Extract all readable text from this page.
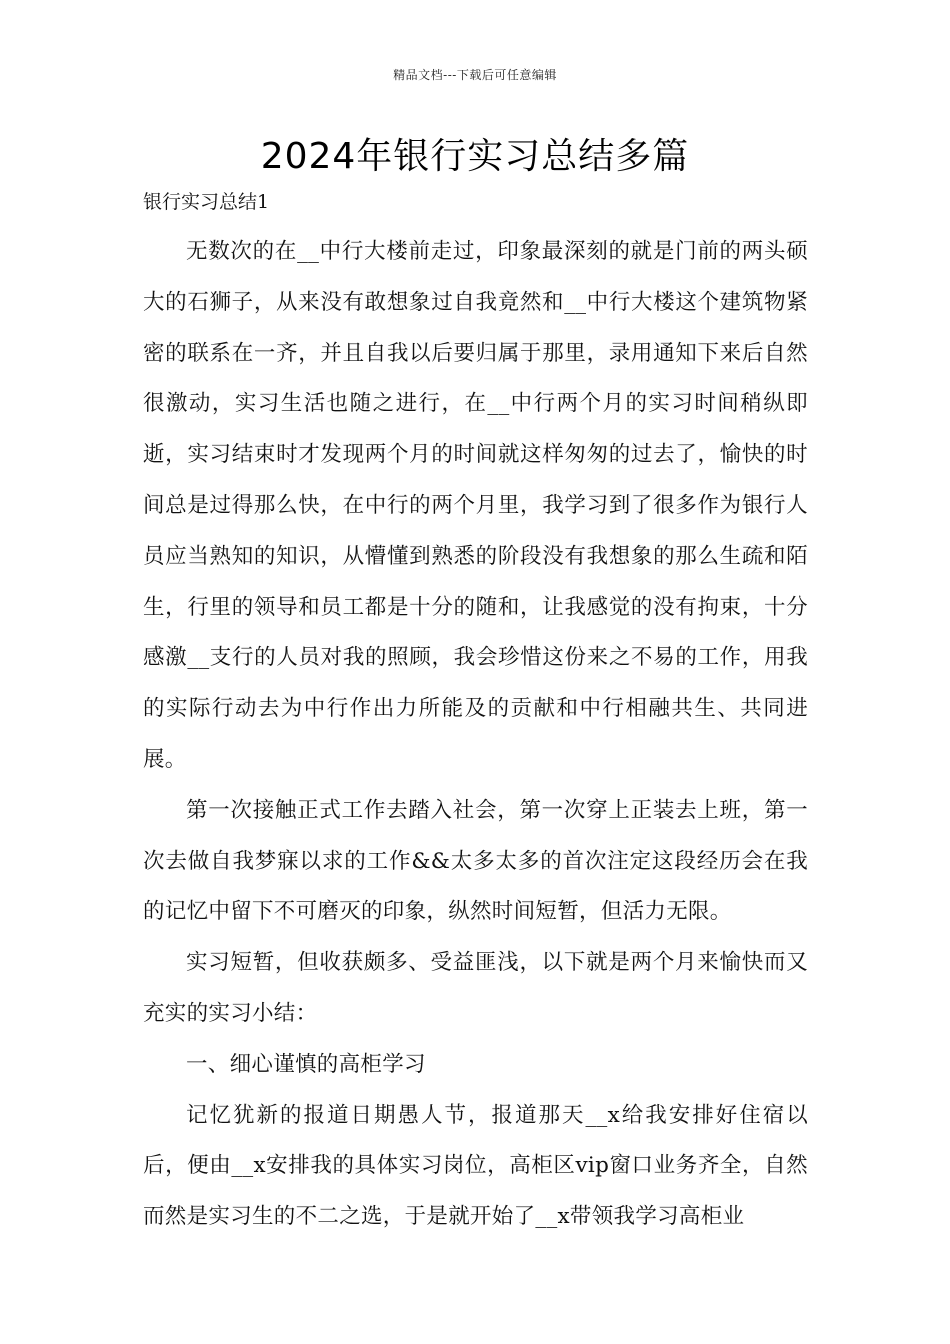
精品文档---下载后可任意编辑
2024年银行实习总结多篇
银行实习总结1

无数次的在__中行大楼前走过，印象最深刻的就是门前的两头硕大的石狮子，从来没有敢想象过自我竟然和__中行大楼这个建筑物紧密的联系在一齐，并且自我以后要归属于那里，录用通知下来后自然很激动，实习生活也随之进行，在__中行两个月的实习时间稍纵即逝，实习结束时才发现两个月的时间就这样匆匆的过去了，愉快的时间总是过得那么快，在中行的两个月里，我学习到了很多作为银行人员应当熟知的知识，从懵懂到熟悉的阶段没有我想象的那么生疏和陌生，行里的领导和员工都是十分的随和，让我感觉的没有拘束，十分感激__支行的人员对我的照顾，我会珍惜这份来之不易的工作，用我的实际行动去为中行作出力所能及的贡献和中行相融共生、共同进展。

第一次接触正式工作去踏入社会，第一次穿上正装去上班，第一次去做自我梦寐以求的工作&&太多太多的首次注定这段经历会在我的记忆中留下不可磨灭的印象，纵然时间短暂，但活力无限。

实习短暂，但收获颇多、受益匪浅，以下就是两个月来愉快而又充实的实习小结：

一、细心谨慎的高柜学习

记忆犹新的报道日期愚人节，报道那天__x给我安排好住宿以后，便由__x安排我的具体实习岗位，高柜区vip窗口业务齐全，自然而然是实习生的不二之选，于是就开始了__x带领我学习高柜业
